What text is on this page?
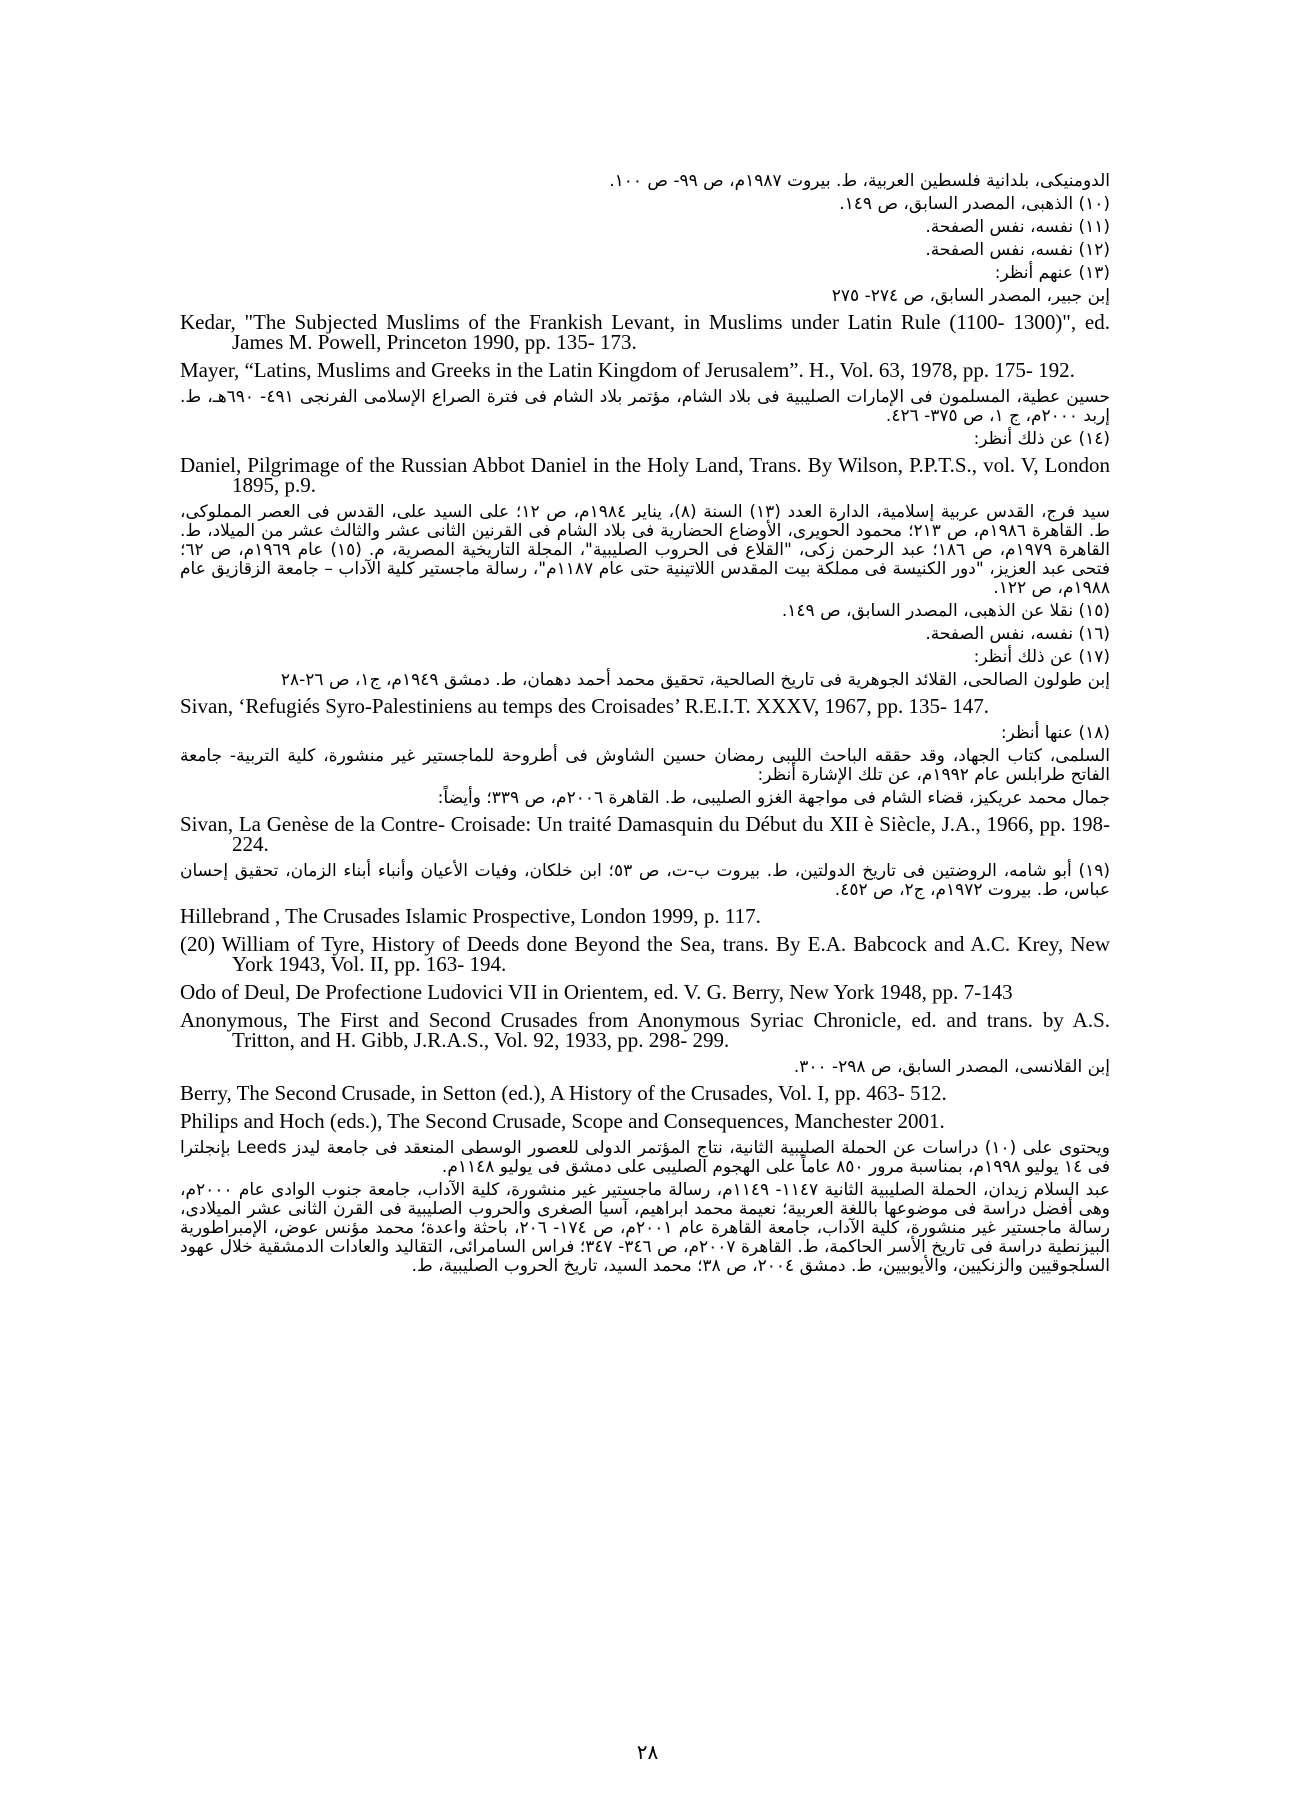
الدومنيكى، بلدانية فلسطين العربية، ط. بيروت ١٩٨٧م، ص ٩٩- ص ١٠٠.

(١٠) الذهبى، المصدر السابق، ص ١٤٩.

(١١) نفسه، نفس الصفحة.

(١٢) نفسه، نفس الصفحة.

(١٣) عنهم أنظر:

إبن جبير، المصدر السابق، ص ٢٧٤- ٢٧٥

Kedar, "The Subjected Muslims of the Frankish Levant, in Muslims under Latin Rule (1100- 1300)", ed. James M. Powell, Princeton 1990, pp. 135- 173.

Mayer, “Latins, Muslims and Greeks in the Latin Kingdom of Jerusalem”. H., Vol. 63, 1978, pp. 175- 192.

حسين عطية، المسلمون فى الإمارات الصليبية فى بلاد الشام، مؤتمر بلاد الشام فى فترة الصراع الإسلامى الفرنجى ٤٩١- ٦٩٠هـ، ط. إربد ٢٠٠٠م، ج ١، ص ٣٧٥- ٤٢٦.

(١٤) عن ذلك أنظر:

Daniel, Pilgrimage of the Russian Abbot Daniel in the Holy Land, Trans. By Wilson, P.P.T.S., vol. V, London 1895, p.9.

سيد فرج، القدس عربية إسلامية، الدارة العدد (١٣) السنة (٨)، يناير ١٩٨٤م، ص ١٢؛ على السيد على، القدس فى العصر المملوكى، ط. القاهرة ١٩٨٦م، ص ٢١٣؛ محمود الحويرى، الأوضاع الحضارية فى بلاد الشام فى القرنين الثانى عشر والثالث عشر من الميلاد، ط. القاهرة ١٩٧٩م، ص ١٨٦؛ عبد الرحمن زكى، "القلاع فى الحروب الصليبية"، المجلة التاريخية المصرية، م. (١٥) عام ١٩٦٩م، ص ٦٢؛ فتحى عبد العزيز، "دور الكنيسة فى مملكة بيت المقدس اللاتينية حتى عام ١١٨٧م"، رسالة ماجستير كلية الآداب – جامعة الزقازيق عام ١٩٨٨م، ص ١٢٢.

(١٥) نقلا عن الذهبى، المصدر السابق، ص ١٤٩.

(١٦) نفسه، نفس الصفحة.

(١٧) عن ذلك أنظر:

إبن طولون الصالحى، القلائد الجوهرية فى تاريخ الصالحية، تحقيق محمد أحمد دهمان، ط. دمشق ١٩٤٩م، ج١، ص ٢٦-٢٨

Sivan, ‘Refugiés Syro-Palestiniens au temps des Croisades’ R.E.I.T. XXXV, 1967, pp. 135- 147.

(١٨) عنها أنظر:

السلمى، كتاب الجهاد، وقد حققه الباحث الليبى رمضان حسين الشاوش فى أطروحة للماجستير غير منشورة، كلية التربية- جامعة الفاتح طرابلس عام ١٩٩٢م، عن تلك الإشارة أنظر:

جمال محمد عريكيز، قضاء الشام فى مواجهة الغزو الصليبى، ط. القاهرة ٢٠٠٦م، ص ٣٣٩؛ وأيضاً:

Sivan, La Genèse de la Contre- Croisade: Un traité Damasquin du Début du XII è Siècle, J.A., 1966, pp. 198- 224.

(١٩) أبو شامه، الروضتين فى تاريخ الدولتين، ط. بيروت ب-ت، ص ٥٣؛ ابن خلكان، وفيات الأعيان وأنباء أبناء الزمان، تحقيق إحسان عباس، ط. بيروت ١٩٧٢م، ج٢، ص ٤٥٢.

Hillebrand , The Crusades Islamic Prospective, London 1999, p. 117.

(20) William of Tyre, History of Deeds done Beyond the Sea, trans. By E.A. Babcock and A.C. Krey, New York 1943, Vol. II, pp. 163- 194.

Odo of Deul, De Profectione Ludovici VII in Orientem, ed. V. G. Berry, New York 1948, pp. 7-143

Anonymous, The First and Second Crusades from Anonymous Syriac Chronicle, ed. and trans. by A.S. Tritton, and H. Gibb, J.R.A.S., Vol. 92, 1933, pp. 298- 299.

إبن القلانسى، المصدر السابق، ص ٢٩٨- ٣٠٠.

Berry, The Second Crusade, in Setton (ed.), A History of the Crusades, Vol. I, pp. 463- 512.

Philips and Hoch (eds.), The Second Crusade, Scope and Consequences, Manchester 2001.

ويحتوى على (١٠) دراسات عن الحملة الصليبية الثانية، نتاج المؤتمر الدولى للعصور الوسطى المنعقد فى جامعة ليدز Leeds بإنجلترا فى ١٤ يوليو ١٩٩٨م، بمناسبة مرور ٨٥٠ عاماً على الهجوم الصليبى على دمشق فى يوليو ١١٤٨م.

عبد السلام زيدان، الحملة الصليبية الثانية ١١٤٧- ١١٤٩م، رسالة ماجستير غير منشورة، كلية الآداب، جامعة جنوب الوادى عام ٢٠٠٠م، وهى أفضل دراسة فى موضوعها باللغة العربية؛ نعيمة محمد ابراهيم، آسيا الصغرى والحروب الصليبية فى القرن الثانى عشر الميلادى، رسالة ماجستير غير منشورة، كلية الآداب، جامعة القاهرة عام ٢٠٠١م، ص ١٧٤- ٢٠٦، باحثة واعدة؛ محمد مؤنس عوض، الإمبراطورية البيزنطية دراسة فى تاريخ الأسر الحاكمة، ط. القاهرة ٢٠٠٧م، ص ٣٤٦- ٣٤٧؛ فراس السامرائى، التقاليد والعادات الدمشقية خلال عهود السلجوقيين والزنكيين، والأيوبيين، ط. دمشق ٢٠٠٤، ص ٣٨؛ محمد السيد، تاريخ الحروب الصليبية، ط.

٢٨
